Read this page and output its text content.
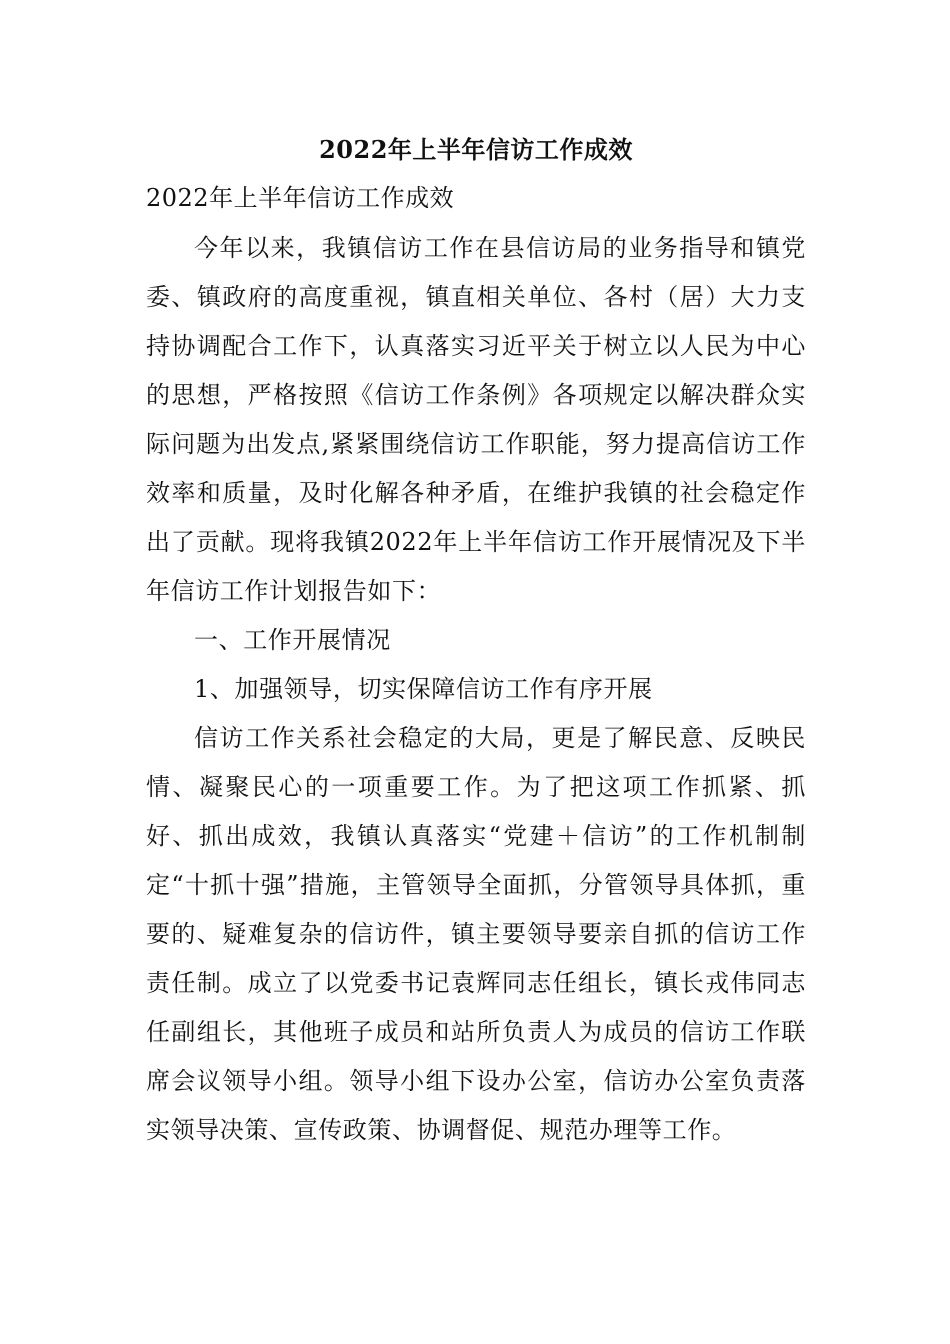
2022年上半年信访工作成效
2022年上半年信访工作成效

今年以来，我镇信访工作在县信访局的业务指导和镇党委、镇政府的高度重视，镇直相关单位、各村（居）大力支持协调配合工作下，认真落实习近平关于树立以人民为中心的思想，严格按照《信访工作条例》各项规定以解决群众实际问题为出发点,紧紧围绕信访工作职能，努力提高信访工作效率和质量，及时化解各种矛盾，在维护我镇的社会稳定作出了贡献。现将我镇2022年上半年信访工作开展情况及下半年信访工作计划报告如下：

一、工作开展情况

1、加强领导，切实保障信访工作有序开展

信访工作关系社会稳定的大局，更是了解民意、反映民情、凝聚民心的一项重要工作。为了把这项工作抓紧、抓好、抓出成效，我镇认真落实“党建＋信访”的工作机制制定“十抓十强”措施，主管领导全面抓，分管领导具体抓，重要的、疑难复杂的信访件，镇主要领导要亲自抓的信访工作责任制。成立了以党委书记袁辉同志任组长，镇长戎伟同志任副组长，其他班子成员和站所负责人为成员的信访工作联席会议领导小组。领导小组下设办公室，信访办公室负责落实领导决策、宣传政策、协调督促、规范办理等工作。
